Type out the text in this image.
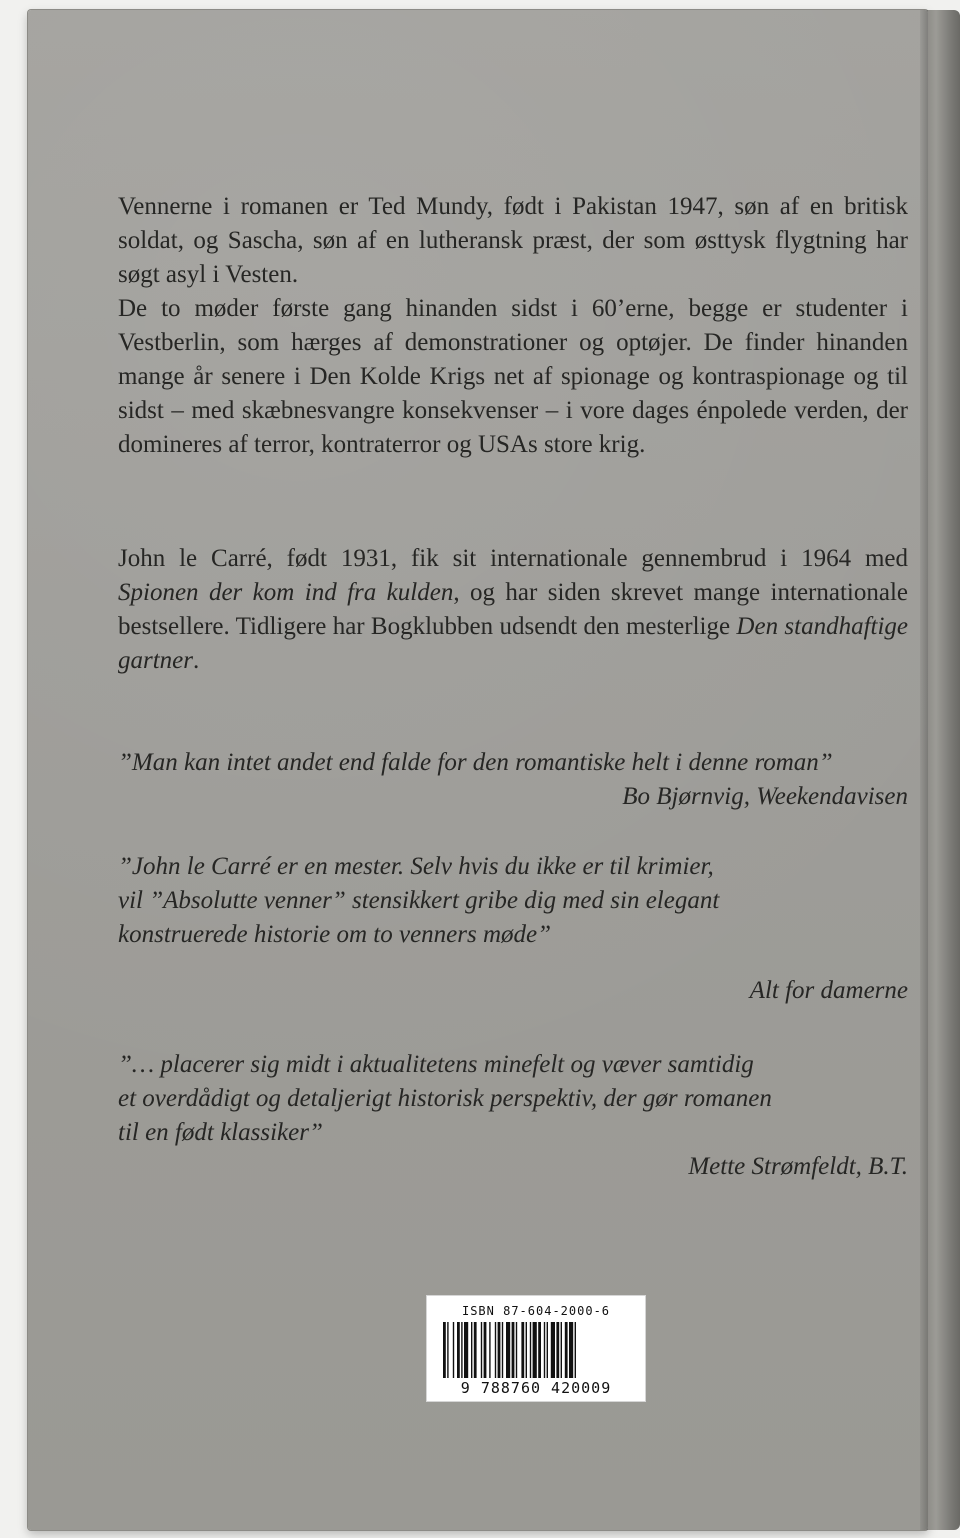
Vennerne i romanen er Ted Mundy, født i Pakistan 1947, søn af en britisk soldat, og Sascha, søn af en lutheransk præst, der som østtysk flygtning har søgt asyl i Vesten.

De to møder første gang hinanden sidst i 60’erne, begge er studenter i Vestberlin, som hærges af demonstrationer og optøjer. De finder hinanden mange år senere i Den Kolde Krigs net af spionage og kontraspionage og til sidst – med skæbnesvangre konsekvenser – i vore dages énpolede verden, der domineres af terror, kontraterror og USAs store krig.

John le Carré, født 1931, fik sit internationale gennembrud i 1964 med Spionen der kom ind fra kulden, og har siden skrevet mange internationale bestsellere. Tidligere har Bogklubben udsendt den mesterlige Den standhaftige gartner.

”Man kan intet andet end falde for den romantiske helt i denne roman”
Bo Bjørnvig, Weekendavisen
”John le Carré er en mester. Selv hvis du ikke er til krimier,
vil ”Absolutte venner” stensikkert gribe dig med sin elegant
konstruerede historie om to venners møde”
Alt for damerne
”… placerer sig midt i aktualitetens minefelt og væver samtidig
et overdådigt og detaljerigt historisk perspektiv, der gør romanen
til en født klassiker”
Mette Strømfeldt, B.T.
ISBN 87-604-2000-6
9 788760 420009
